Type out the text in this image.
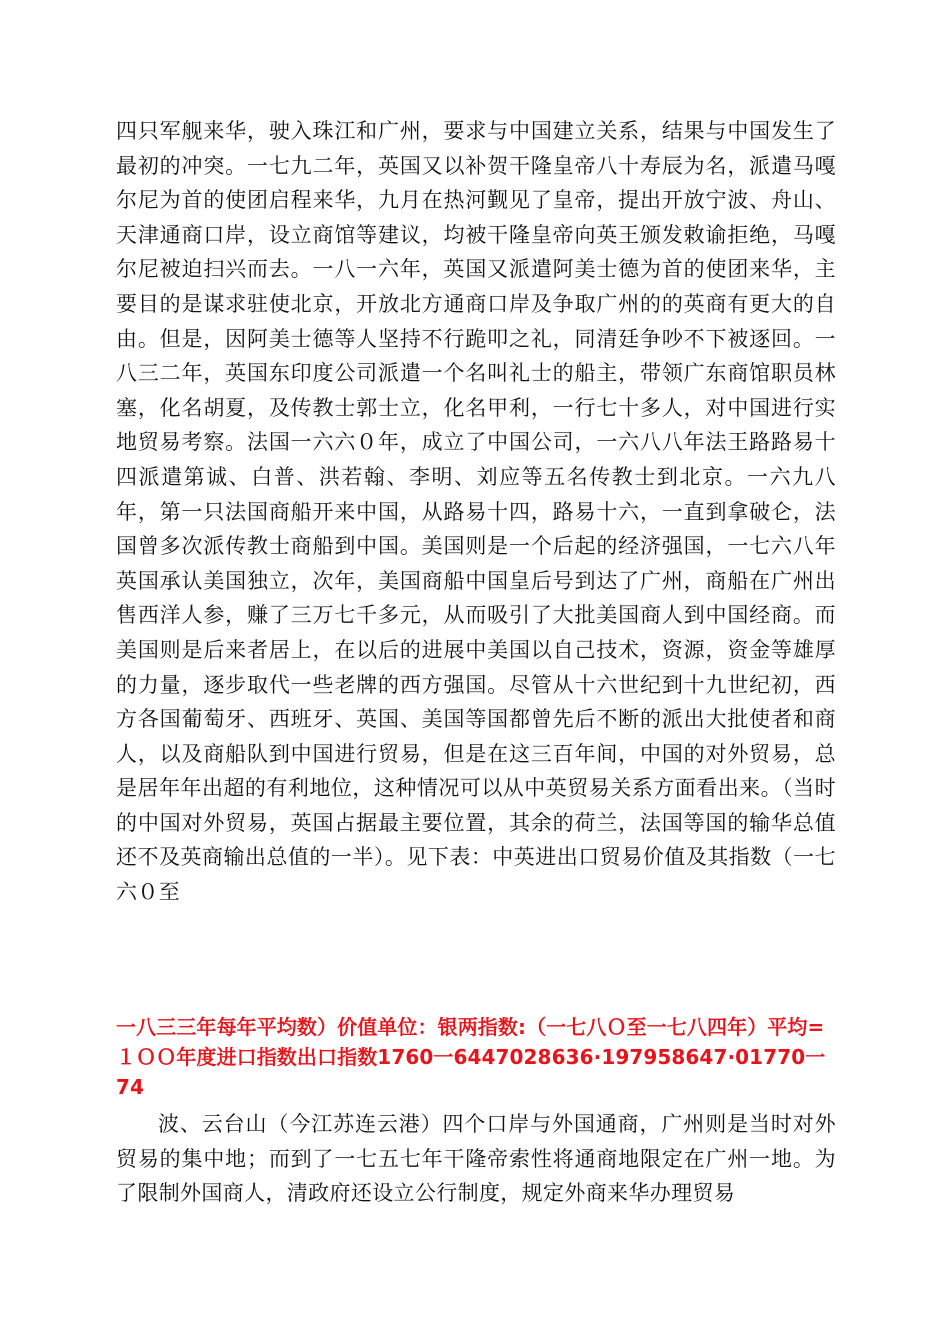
四只军舰来华，驶入珠江和广州，要求与中国建立关系，结果与中国发生了最初的冲突。一七九二年，英国又以补贺干隆皇帝八十寿辰为名，派遣马嘎尔尼为首的使团启程来华，九月在热河觐见了皇帝，提出开放宁波、舟山、天津通商口岸，设立商馆等建议，均被干隆皇帝向英王颁发敕谕拒绝，马嘎尔尼被迫扫兴而去。一八一六年，英国又派遣阿美士德为首的使团来华，主要目的是谋求驻使北京，开放北方通商口岸及争取广州的的英商有更大的自由。但是，因阿美士德等人坚持不行跪叩之礼，同清廷争吵不下被逐回。一八三二年，英国东印度公司派遣一个名叫礼士的船主，带领广东商馆职员林塞，化名胡夏，及传教士郭士立，化名甲利，一行七十多人，对中国进行实地贸易考察。法国一六六０年，成立了中国公司，一六八八年法王路路易十四派遣第诚、白普、洪若翰、李明、刘应等五名传教士到北京。一六九八年，第一只法国商船开来中国，从路易十四，路易十六，一直到拿破仑，法国曾多次派传教士商船到中国。美国则是一个后起的经济强国，一七六八年英国承认美国独立，次年，美国商船中国皇后号到达了广州，商船在广州出售西洋人参，赚了三万七千多元，从而吸引了大批美国商人到中国经商。而美国则是后来者居上，在以后的进展中美国以自己技术，资源，资金等雄厚的力量，逐步取代一些老牌的西方强国。尽管从十六世纪到十九世纪初，西方各国葡萄牙、西班牙、英国、美国等国都曾先后不断的派出大批使者和商人，以及商船队到中国进行贸易，但是在这三百年间，中国的对外贸易，总是居年年出超的有利地位，这种情况可以从中英贸易关系方面看出来。（当时的中国对外贸易，英国占据最主要位置，其余的荷兰，法国等国的输华总值还不及英商输出总值的一半）。见下表：中英进出口贸易价值及其指数（一七六０至

一八三三年每年平均数）价值单位：银两指数:（一七八Ｏ至一七八四年）平均=１ＯＯ年度进口指数出口指数1760一6447028636·197958647·01770一74

波、云台山（今江苏连云港）四个口岸与外国通商，广州则是当时对外贸易的集中地；而到了一七五七年干隆帝索性将通商地限定在广州一地。为了限制外国商人，清政府还设立公行制度，规定外商来华办理贸易
